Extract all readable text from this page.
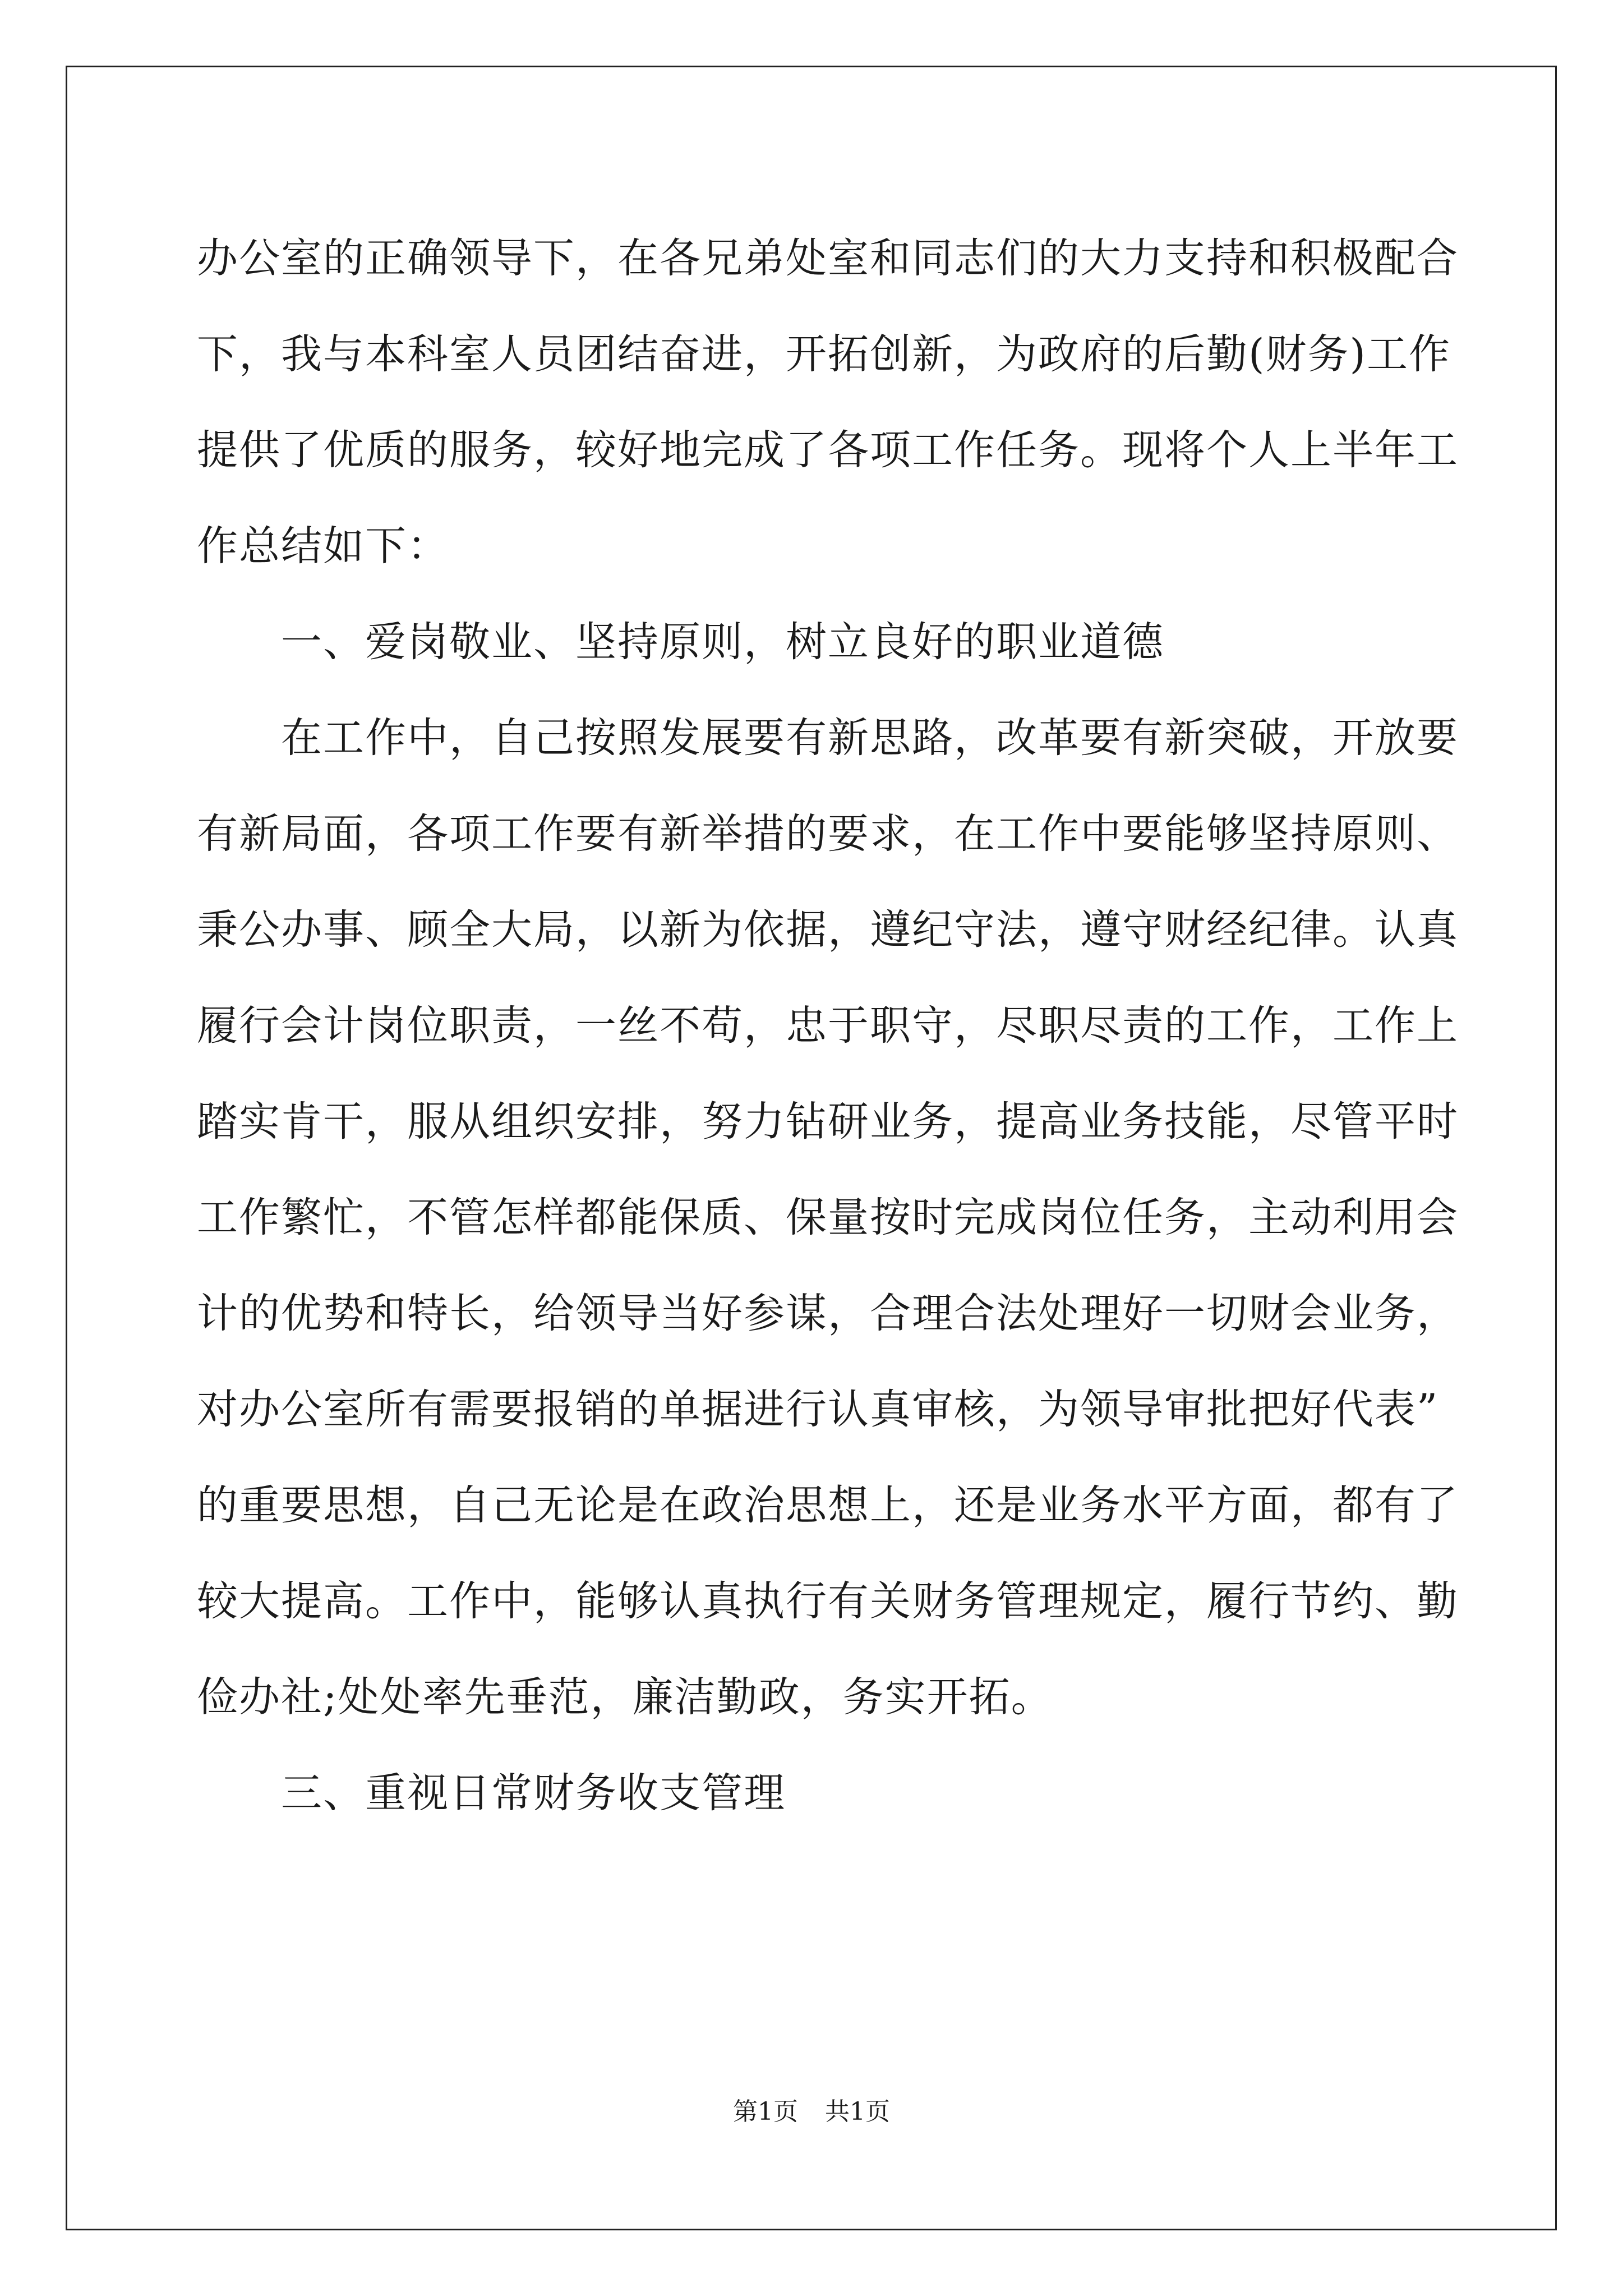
办公室的正确领导下，在各兄弟处室和同志们的大力支持和积极配合
下，我与本科室人员团结奋进，开拓创新，为政府的后勤(财务)工作
提供了优质的服务，较好地完成了各项工作任务。现将个人上半年工
作总结如下：
　　一、爱岗敬业、坚持原则，树立良好的职业道德
　　在工作中，自己按照发展要有新思路，改革要有新突破，开放要
有新局面，各项工作要有新举措的要求，在工作中要能够坚持原则、
秉公办事、顾全大局，以新为依据，遵纪守法，遵守财经纪律。认真
履行会计岗位职责，一丝不苟，忠于职守，尽职尽责的工作，工作上
踏实肯干，服从组织安排，努力钻研业务，提高业务技能，尽管平时
工作繁忙，不管怎样都能保质、保量按时完成岗位任务，主动利用会
计的优势和特长，给领导当好参谋，合理合法处理好一切财会业务，
对办公室所有需要报销的单据进行认真审核，为领导审批把好代表”
的重要思想，自己无论是在政治思想上，还是业务水平方面，都有了
较大提高。工作中，能够认真执行有关财务管理规定，履行节约、勤
俭办社;处处率先垂范，廉洁勤政，务实开拓。
　　三、重视日常财务收支管理
第1页 共1页
